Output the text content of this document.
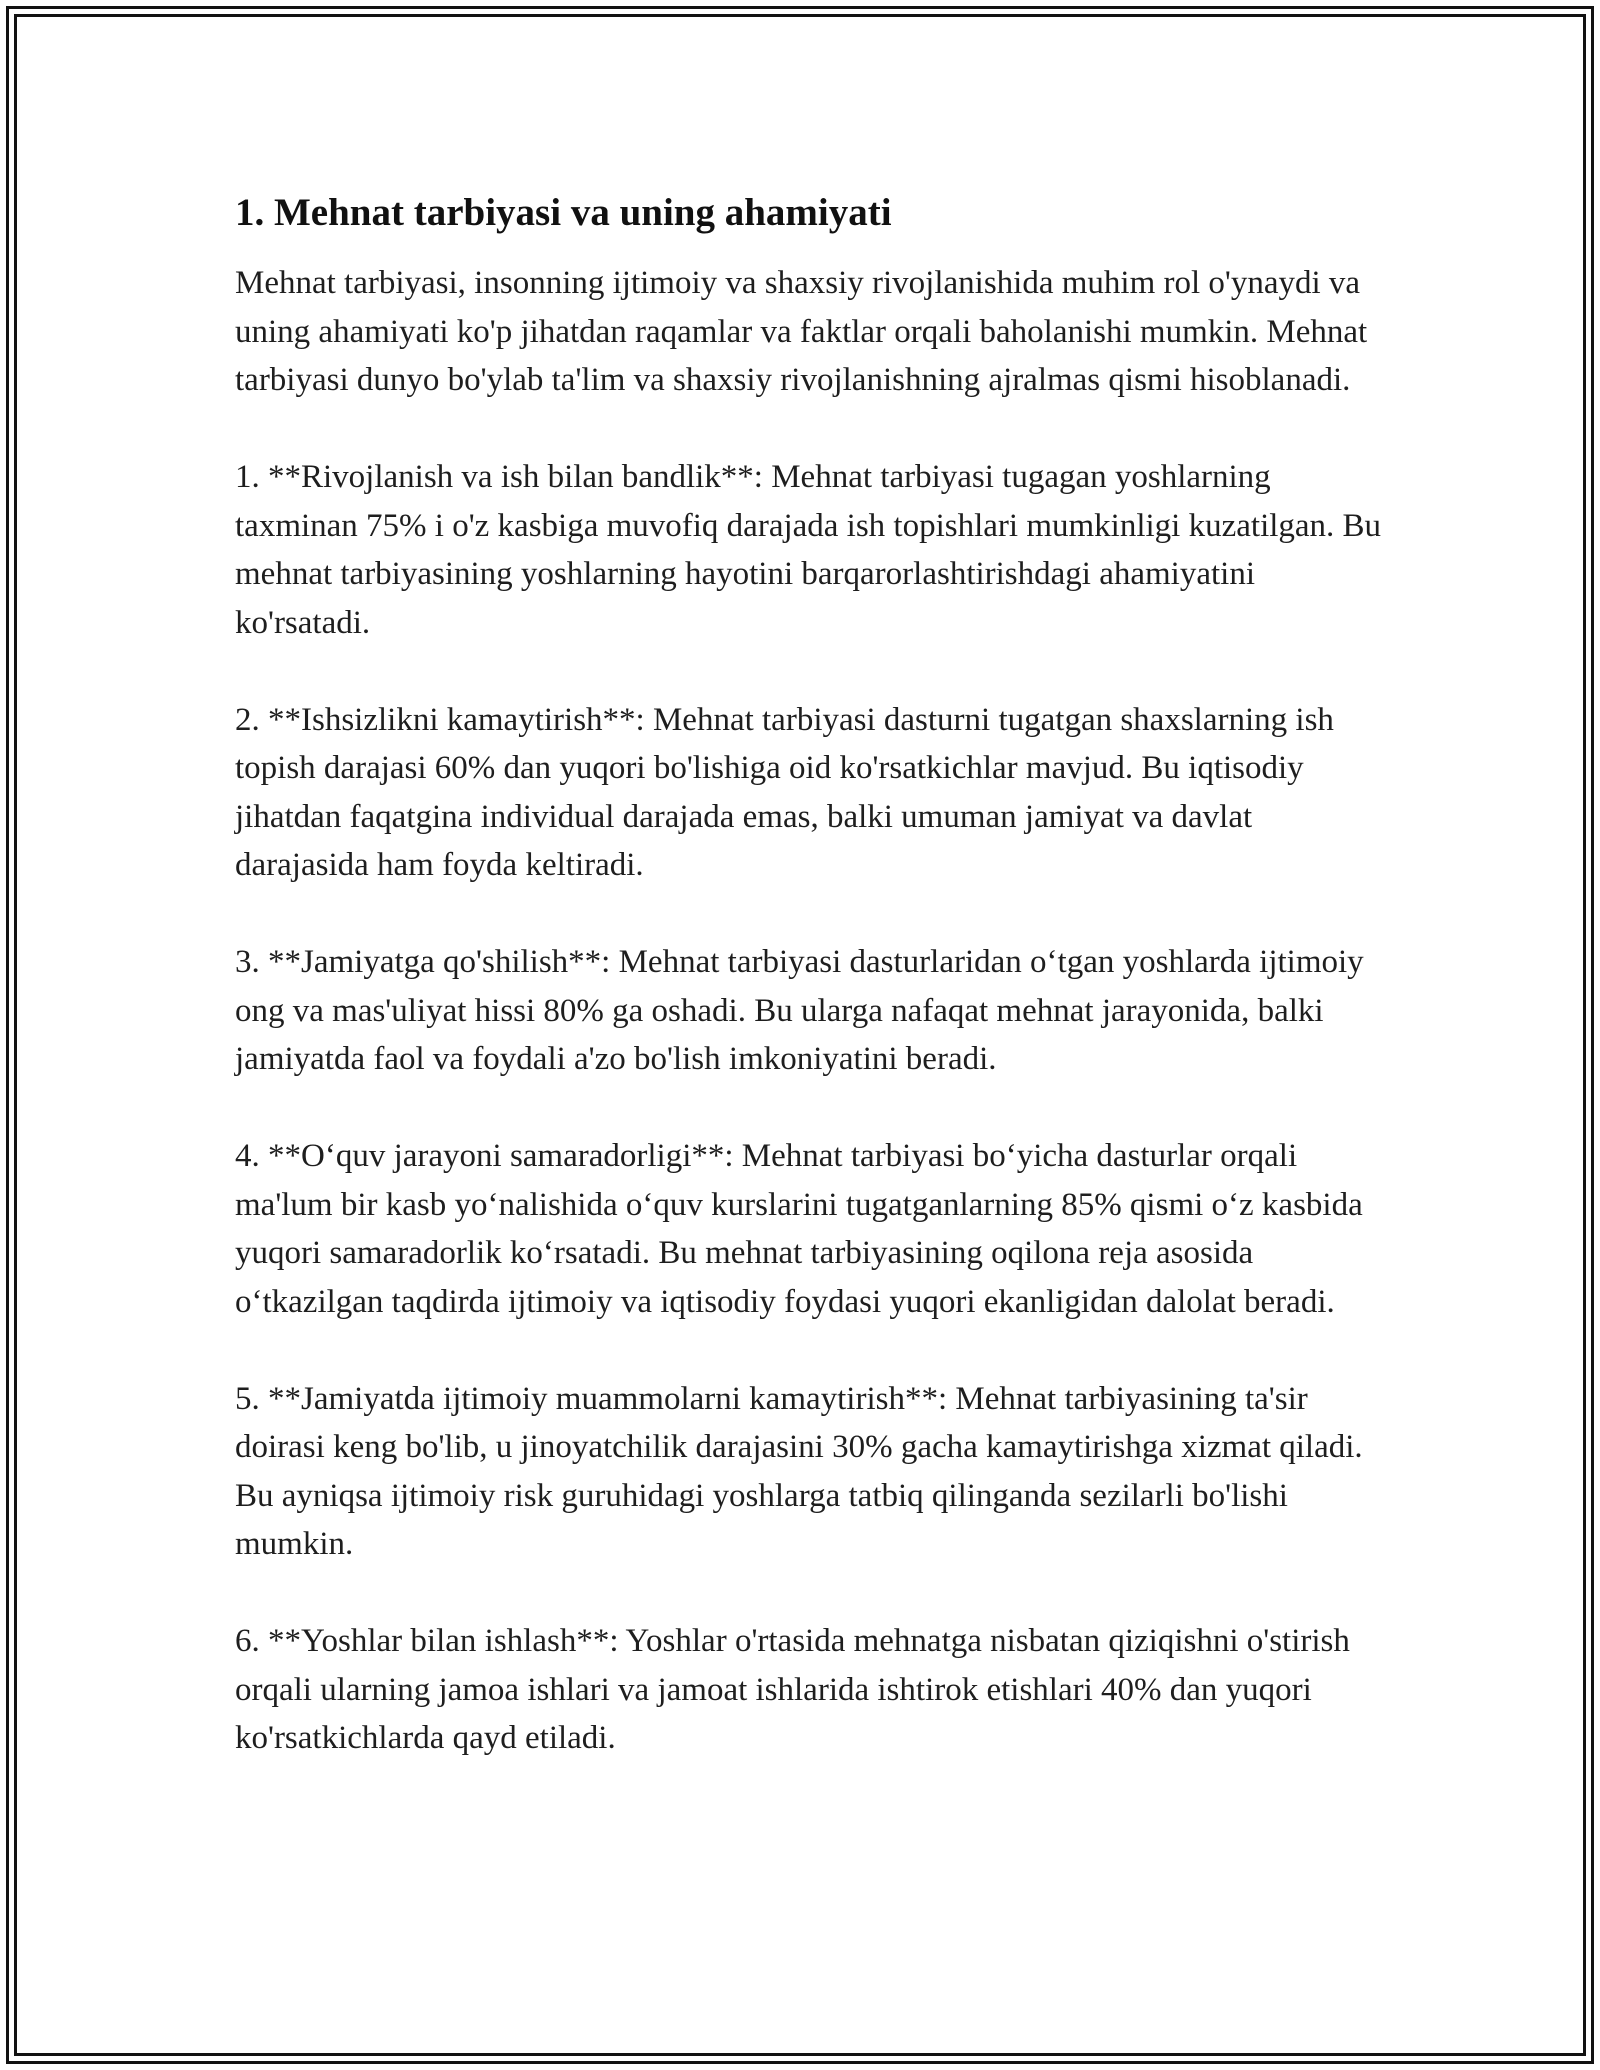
1. Mehnat tarbiyasi va uning ahamiyati

Mehnat tarbiyasi, insonning ijtimoiy va shaxsiy rivojlanishida muhim rol o'ynaydi va uning ahamiyati ko'p jihatdan raqamlar va faktlar orqali baholanishi mumkin. Mehnat tarbiyasi dunyo bo'ylab ta'lim va shaxsiy rivojlanishning ajralmas qismi hisoblanadi.

1. **Rivojlanish va ish bilan bandlik**: Mehnat tarbiyasi tugagan yoshlarning taxminan 75% i o'z kasbiga muvofiq darajada ish topishlari mumkinligi kuzatilgan. Bu mehnat tarbiyasining yoshlarning hayotini barqarorlashtirishdagi ahamiyatini ko'rsatadi.

2. **Ishsizlikni kamaytirish**: Mehnat tarbiyasi dasturni tugatgan shaxslarning ish topish darajasi 60% dan yuqori bo'lishiga oid ko'rsatkichlar mavjud. Bu iqtisodiy jihatdan faqatgina individual darajada emas, balki umuman jamiyat va davlat darajasida ham foyda keltiradi.

3. **Jamiyatga qo'shilish**: Mehnat tarbiyasi dasturlaridan o‘tgan yoshlarda ijtimoiy ong va mas'uliyat hissi 80% ga oshadi. Bu ularga nafaqat mehnat jarayonida, balki jamiyatda faol va foydali a'zo bo'lish imkoniyatini beradi.

4. **O‘quv jarayoni samaradorligi**: Mehnat tarbiyasi bo‘yicha dasturlar orqali ma'lum bir kasb yo‘nalishida o‘quv kurslarini tugatganlarning 85% qismi o‘z kasbida yuqori samaradorlik ko‘rsatadi. Bu mehnat tarbiyasining oqilona reja asosida o‘tkazilgan taqdirda ijtimoiy va iqtisodiy foydasi yuqori ekanligidan dalolat beradi.

5. **Jamiyatda ijtimoiy muammolarni kamaytirish**: Mehnat tarbiyasining ta'sir doirasi keng bo'lib, u jinoyatchilik darajasini 30% gacha kamaytirishga xizmat qiladi. Bu ayniqsa ijtimoiy risk guruhidagi yoshlarga tatbiq qilinganda sezilarli bo'lishi mumkin.

6. **Yoshlar bilan ishlash**: Yoshlar o'rtasida mehnatga nisbatan qiziqishni o'stirish orqali ularning jamoa ishlari va jamoat ishlarida ishtirok etishlari 40% dan yuqori ko'rsatkichlarda qayd etiladi.
